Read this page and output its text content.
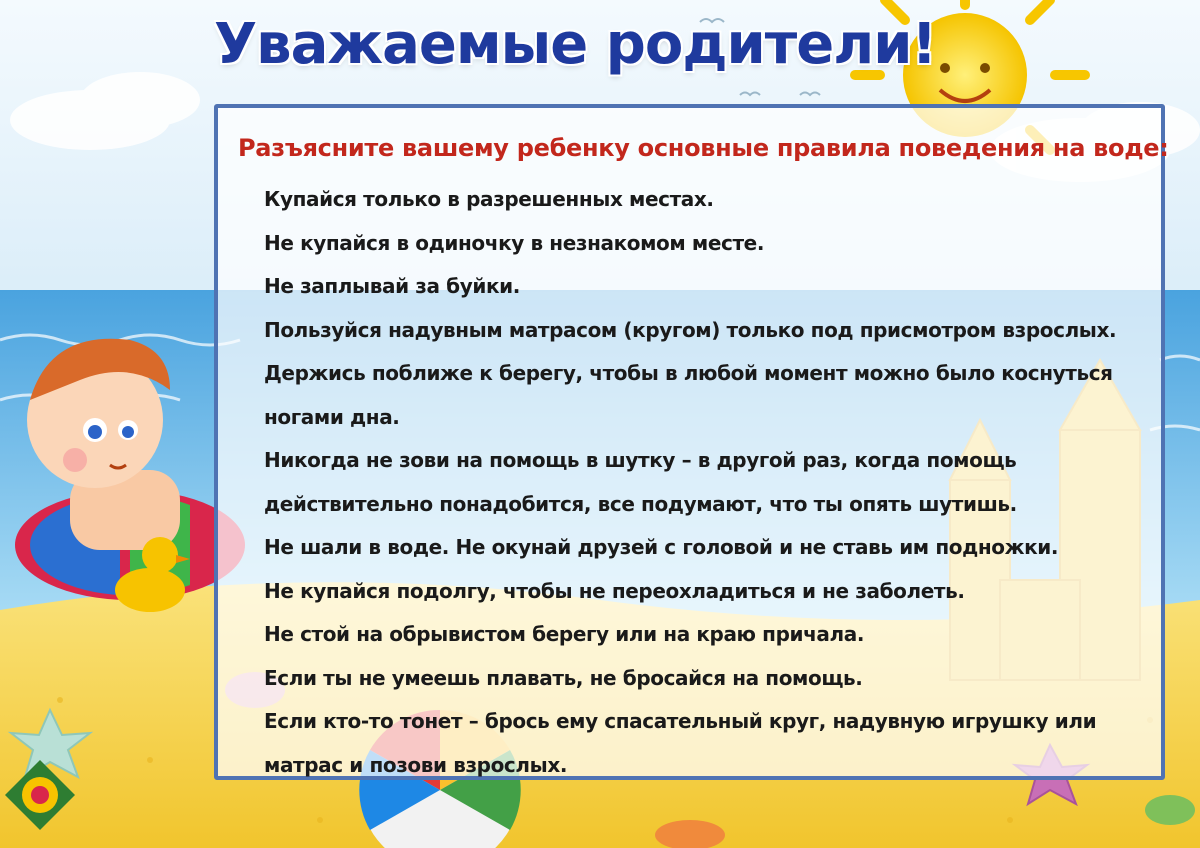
Уважаемые родители!
Разъясните вашему ребенку основные правила поведения на воде:
Купайся только в разрешенных местах.
Не купайся в одиночку в незнакомом месте.
Не заплывай за буйки.
Пользуйся надувным матрасом (кругом) только под присмотром взрослых.
Держись поближе к берегу, чтобы в любой момент можно было коснуться ногами дна.
Никогда не зови на помощь в шутку – в другой раз, когда помощь действительно понадобится, все подумают, что ты опять шутишь.
Не шали в воде. Не окунай друзей с головой и не ставь им подножки.
Не купайся подолгу, чтобы не переохладиться и не заболеть.
Не стой на обрывистом берегу или на краю причала.
Если ты не умеешь плавать, не бросайся на помощь.
Если кто-то тонет – брось ему спасательный круг, надувную игрушку или матрас и позови взрослых.
